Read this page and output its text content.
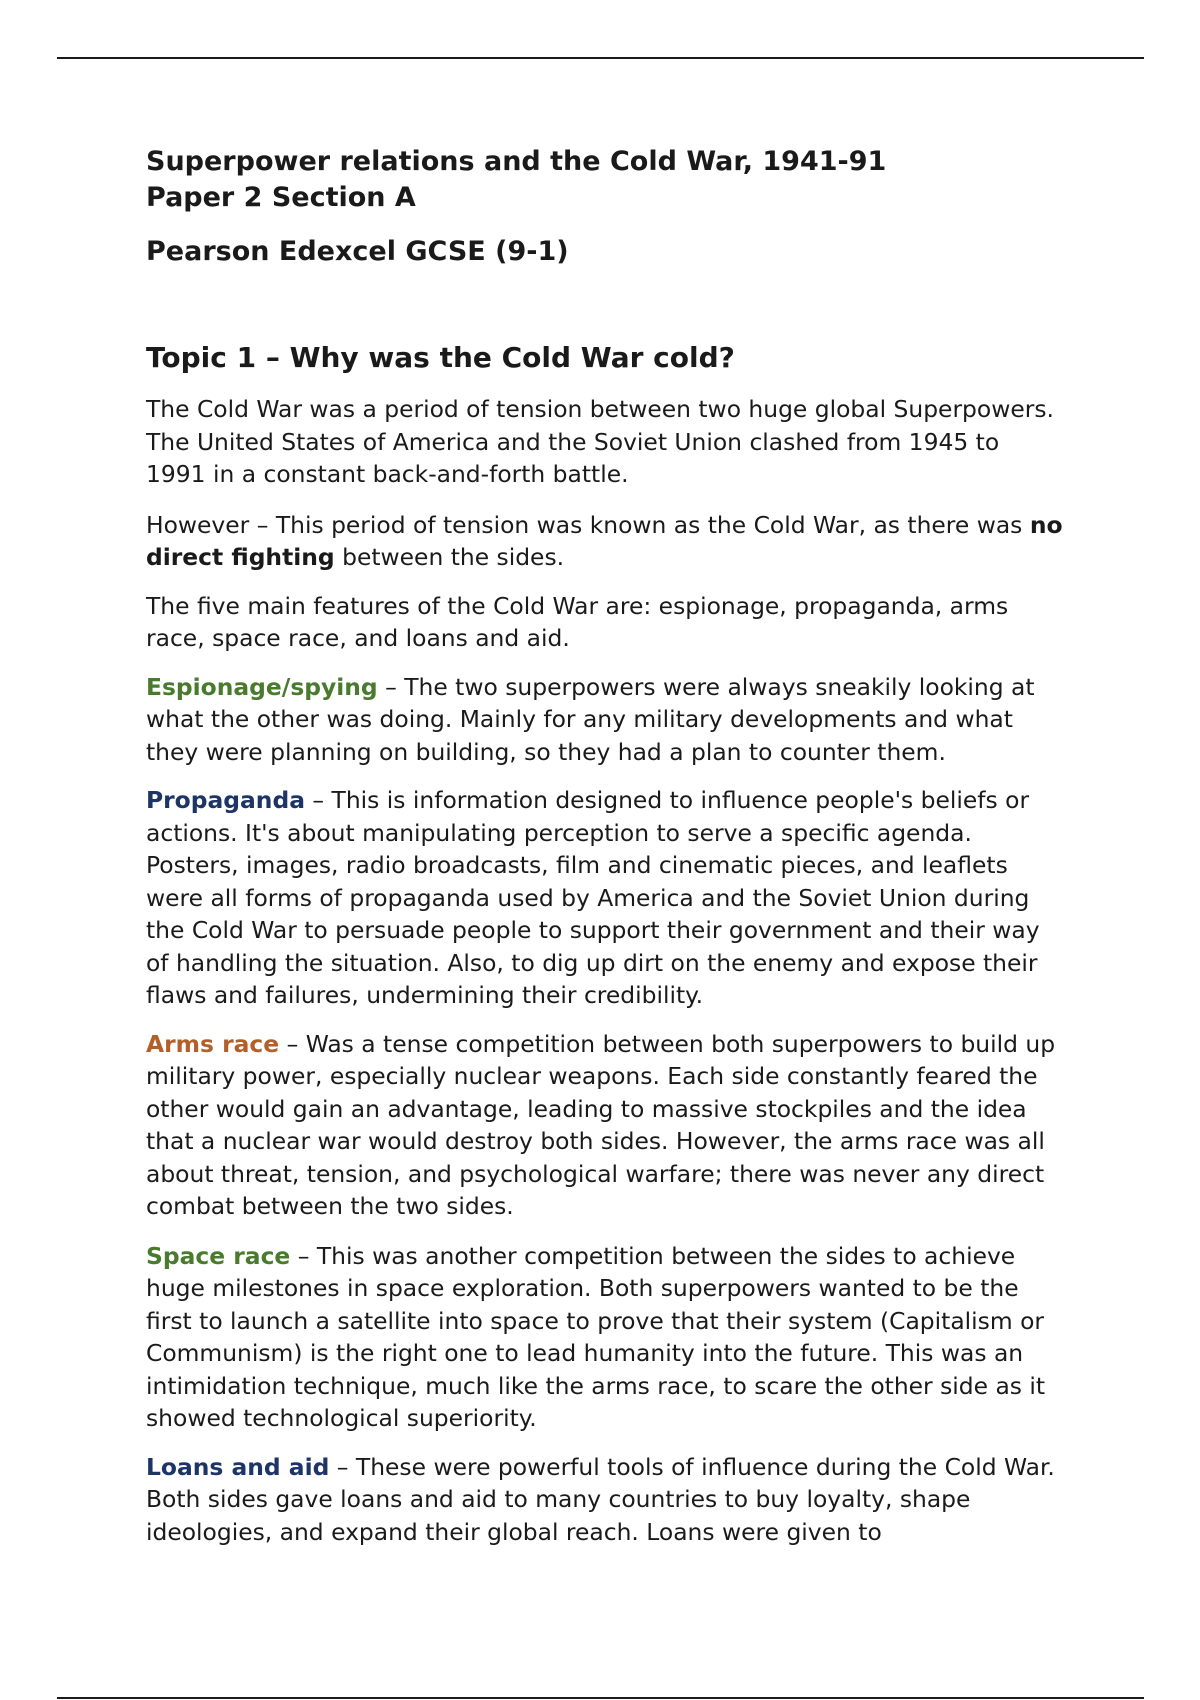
Superpower relations and the Cold War, 1941-91
Paper 2 Section A
Pearson Edexcel GCSE (9-1)
Topic 1 – Why was the Cold War cold?

The Cold War was a period of tension between two huge global Superpowers. The United States of America and the Soviet Union clashed from 1945 to 1991 in a constant back-and-forth battle.

However – This period of tension was known as the Cold War, as there was no direct fighting between the sides.

The five main features of the Cold War are: espionage, propaganda, arms race, space race, and loans and aid.

Espionage/spying – The two superpowers were always sneakily looking at what the other was doing. Mainly for any military developments and what they were planning on building, so they had a plan to counter them.

Propaganda – This is information designed to influence people's beliefs or actions. It's about manipulating perception to serve a specific agenda. Posters, images, radio broadcasts, film and cinematic pieces, and leaflets were all forms of propaganda used by America and the Soviet Union during the Cold War to persuade people to support their government and their way of handling the situation. Also, to dig up dirt on the enemy and expose their flaws and failures, undermining their credibility.

Arms race – Was a tense competition between both superpowers to build up military power, especially nuclear weapons. Each side constantly feared the other would gain an advantage, leading to massive stockpiles and the idea that a nuclear war would destroy both sides. However, the arms race was all about threat, tension, and psychological warfare; there was never any direct combat between the two sides.

Space race – This was another competition between the sides to achieve huge milestones in space exploration. Both superpowers wanted to be the first to launch a satellite into space to prove that their system (Capitalism or Communism) is the right one to lead humanity into the future. This was an intimidation technique, much like the arms race, to scare the other side as it showed technological superiority.

Loans and aid – These were powerful tools of influence during the Cold War. Both sides gave loans and aid to many countries to buy loyalty, shape ideologies, and expand their global reach. Loans were given to
